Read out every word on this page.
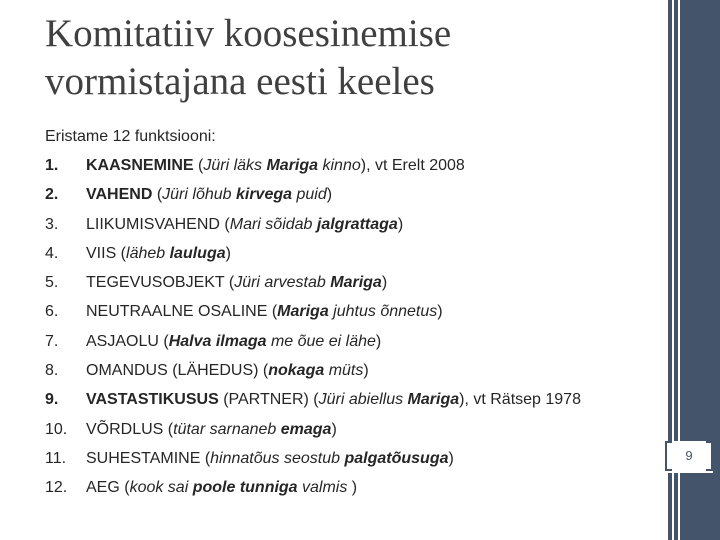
Komitatiiv koosesinemise
vormistajana eesti keeles
Eristame 12 funktsiooni:
1.	KAASNEMINE (Jüri läks Mariga kinno), vt Erelt 2008
2.	VAHEND (Jüri lõhub kirvega puid)
3.	LIIKUMISVAHEND (Mari sõidab jalgrattaga)
4.	VIIS (läheb lauluga)
5.	TEGEVUSOBJEKT (Jüri arvestab Mariga)
6.	NEUTRAALNE OSALINE (Mariga juhtus õnnetus)
7.	ASJAOLU (Halva ilmaga me õue ei lähe)
8.	OMANDUS (LÄHEDUS) (nokaga müts)
9.	VASTASTIKUSUS (PARTNER) (Jüri abiellus Mariga), vt Rätsep 1978
10.	VÕRDLUS (tütar sarnaneb emaga)
11.	SUHESTAMINE (hinnatõus seostub palgatõusuga)
12.	AEG (kook sai poole tunniga valmis )
9
